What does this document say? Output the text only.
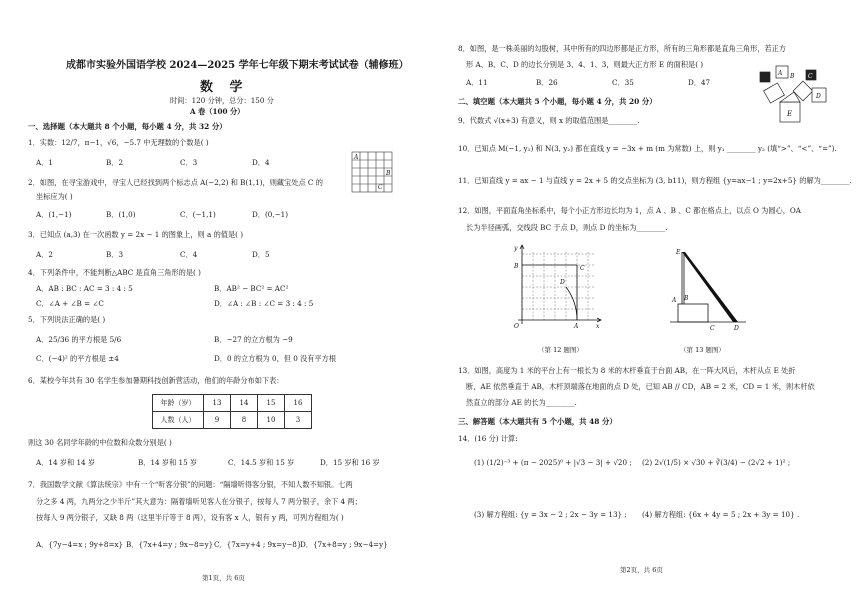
成都市实验外国语学校 2024—2025 学年七年级下期末考试试卷（辅修班）
数 学
时间：120 分钟，总分：150 分
A 卷（100 分）
一、选择题（本大题共 8 个小题，每小题 4 分，共 32 分）
1．实数：12/7，π−1，√6，−5.7 中无理数的个数是( )
A．1	B．2	C．3	D．4
A
B
C
2．如图，在寻宝游戏中，寻宝人已经找到两个标志点 A(−2,2) 和 B(1,1)，则藏宝处点 C 的
坐标应为( )
A．(1,−1)	B．(1,0)	C．(−1,1)	D．(0,−1)
3．已知点 (a,3) 在一次函数 y = 2x − 1 的图象上，则 a 的值是( )
A．2	B．3	C．4	D．5
4．下列条件中，不能判断△ABC 是直角三角形的是( )
A．AB : BC : AC = 3 : 4 : 5	B．AB² − BC² = AC²
C．∠A + ∠B = ∠C	D．∠A : ∠B : ∠C = 3 : 4 : 5
5．下列说法正确的是( )
A．25/36 的平方根是 5/6	B．−27 的立方根为 −9
C．(−4)² 的平方根是 ±4	D．0 的立方根为 0，但 0 没有平方根
6．某校今年共有 30 名学生参加暑期科技创新营活动，他们的年龄分布如下表：
年龄（岁）	13	14	15	16
人数（人）	9	8	10	3
则这 30 名同学年龄的中位数和众数分别是( )
A．14 岁和 14 岁	B．14 岁和 15 岁	C．14.5 岁和 15 岁	D．15 岁和 16 岁
7．我国数学文献《算法统宗》中有一个“听客分银”的问题：“隔墙听得客分银，不知人数不知银。七两
分之多 4 两，九两分之少半斤”其大意为：隔着墙听见客人在分银子，按每人 7 两分银子，余下 4 两；
按每人 9 两分银子，又缺 8 两（这里半斤等于 8 两），设有客 x 人，银有 y 两，可列方程组为( )
A．{7y−4=x ; 9y+8=x} B．{7x+4=y ; 9x−8=y} C．{7x=y+4 ; 9x=y−8}
D．{7x+8=y ; 9x−4=y}
第1页，共 6页
8．如图，是一株美丽的勾股树，其中所有的四边形都是正方形，所有的三角形都是直角三角形，若正方
形 A、B、C、D 的边长分别是 3、4、1、3，则最大正方形 E 的面积是( )
A．11	B．26	C．35	D．47
A B C
D
E
二、填空题（本大题共 5 个小题，每小题 4 分，共 20 分）
9．代数式 √(x+3) 有意义，则 x 的取值范围是________.
10．已知点 M(−1, y₁) 和 N(3, y₂) 都在直线 y = −3x + m (m 为常数) 上，则 y₁ ________ y₂ (填“>”、“<”、“=”).
11．已知直线 y = ax − 1 与直线 y = 2x + 5 的交点坐标为 (3, b11)，则方程组 {y=ax−1 ; y=2x+5} 的解为________.
12．如图，平面直角坐标系中，每个小正方形边长均为 1，点 A 、B 、C 都在格点上，以点 O 为圆心，OA
长为半径画弧，交线段 BC 于点 D，则点 D 的坐标为________.
y
B
D
C
O	A	x
（第 12 题图）
E
B
A
C	D
（第 13 题图）
13．如图，高度为 1 米的平台上有一根长为 8 米的木杆垂直于台面 AB，在一阵大风后，木杆从点 E 处折
断，AE 依然垂直于 AB，木杆顶端落在地面的点 D 处，已知 AB // CD，AB = 2 米，CD = 1 米，则木杆依
然直立的部分 AE 的长为________.
三、解答题（本大题共有 5 个小题，共 48 分）
14．(16 分) 计算:
(1) (1/2)⁻³ + (π − 2025)⁰ + |√3 − 3| + √20 ; (2) 2√(1/5) × √30 + ∛(3/4) − (2√2 + 1)² ;
(3) 解方程组: {y = 3x − 2 ; 2x − 3y = 13} ; (4) 解方程组: {6x + 4y = 5 ; 2x + 3y = 10} .
第2页，共 6页
